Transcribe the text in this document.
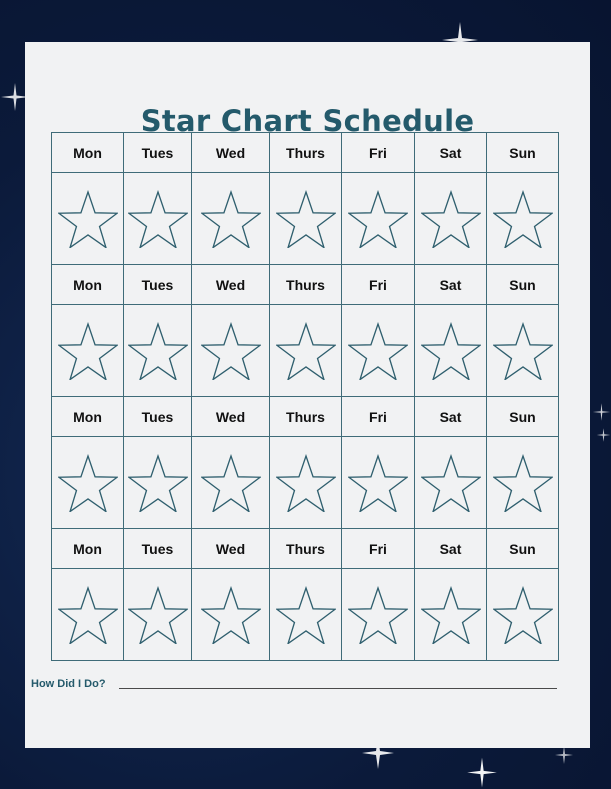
Star Chart Schedule
Mon	Tues	Wed	Thurs	Fri	Sat	Sun

Mon	Tues	Wed	Thurs	Fri	Sat	Sun

Mon	Tues	Wed	Thurs	Fri	Sat	Sun

Mon	Tues	Wed	Thurs	Fri	Sat	Sun

How Did I Do?
